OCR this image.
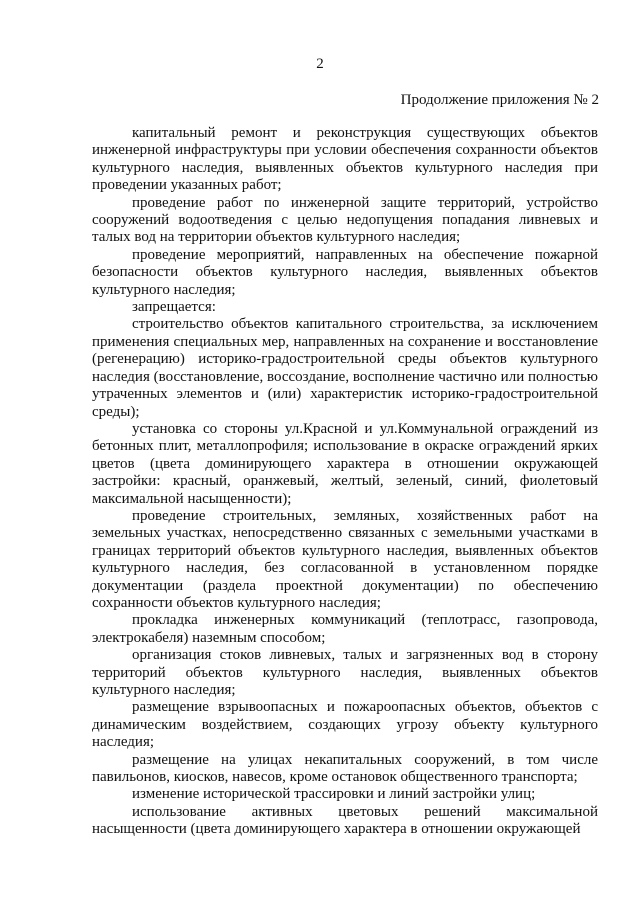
2
Продолжение приложения № 2

капитальный ремонт и реконструкция существующих объектов инженерной инфраструктуры при условии обеспечения сохранности объектов культурного наследия, выявленных объектов культурного наследия при проведении указанных работ;

проведение работ по инженерной защите территорий, устройство сооружений водоотведения с целью недопущения попадания ливневых и талых вод на территории объектов культурного наследия;

проведение мероприятий, направленных на обеспечение пожарной безопасности объектов культурного наследия, выявленных объектов культурного наследия;

запрещается:

строительство объектов капитального строительства, за исключением применения специальных мер, направленных на сохранение и восстановление (регенерацию) историко-градостроительной среды объектов культурного наследия (восстановление, воссоздание, восполнение частично или полностью утраченных элементов и (или) характеристик историко-градостроительной среды);

установка со стороны ул.Красной и ул.Коммунальной ограждений из бетонных плит, металлопрофиля; использование в окраске ограждений ярких цветов (цвета доминирующего характера в отношении окружающей застройки: красный, оранжевый, желтый, зеленый, синий, фиолетовый максимальной насыщенности);

проведение строительных, земляных, хозяйственных работ на земельных участках, непосредственно связанных с земельными участками в границах территорий объектов культурного наследия, выявленных объектов культурного наследия, без согласованной в установленном порядке документации (раздела проектной документации) по обеспечению сохранности объектов культурного наследия;

прокладка инженерных коммуникаций (теплотрасс, газопровода, электрокабеля) наземным способом;

организация стоков ливневых, талых и загрязненных вод в сторону территорий объектов культурного наследия, выявленных объектов культурного наследия;

размещение взрывоопасных и пожароопасных объектов, объектов с динамическим воздействием, создающих угрозу объекту культурного наследия;

размещение на улицах некапитальных сооружений, в том числе павильонов, киосков, навесов, кроме остановок общественного транспорта;

изменение исторической трассировки и линий застройки улиц;

использование активных цветовых решений максимальной насыщенности (цвета доминирующего характера в отношении окружающей
